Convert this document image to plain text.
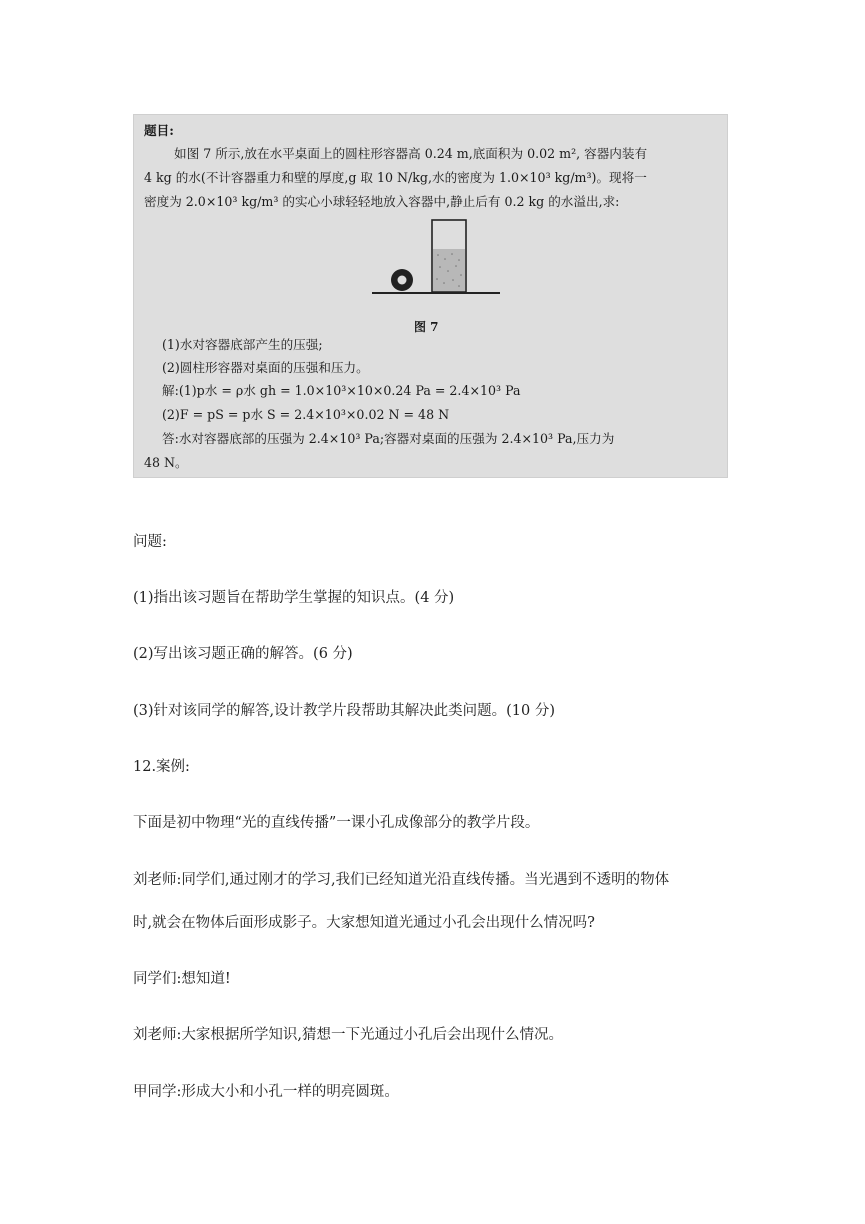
题目:
如图 7 所示,放在水平桌面上的圆柱形容器高 0.24 m,底面积为 0.02 m², 容器内装有
4 kg 的水(不计容器重力和壁的厚度,g 取 10 N/kg,水的密度为 1.0×10³ kg/m³)。现将一
密度为 2.0×10³ kg/m³ 的实心小球轻轻地放入容器中,静止后有 0.2 kg 的水溢出,求:
图 7
(1)水对容器底部产生的压强;
(2)圆柱形容器对桌面的压强和压力。
解:(1)p水 = ρ水 gh = 1.0×10³×10×0.24 Pa = 2.4×10³ Pa
(2)F = pS = p水 S = 2.4×10³×0.02 N = 48 N
答:水对容器底部的压强为 2.4×10³ Pa;容器对桌面的压强为 2.4×10³ Pa,压力为
48 N。
问题:
(1)指出该习题旨在帮助学生掌握的知识点。(4 分)
(2)写出该习题正确的解答。(6 分)
(3)针对该同学的解答,设计教学片段帮助其解决此类问题。(10 分)
12.案例:
下面是初中物理“光的直线传播”一课小孔成像部分的教学片段。
刘老师:同学们,通过刚才的学习,我们已经知道光沿直线传播。当光遇到不透明的物体
时,就会在物体后面形成影子。大家想知道光通过小孔会出现什么情况吗?
同学们:想知道!
刘老师:大家根据所学知识,猜想一下光通过小孔后会出现什么情况。
甲同学:形成大小和小孔一样的明亮圆斑。
